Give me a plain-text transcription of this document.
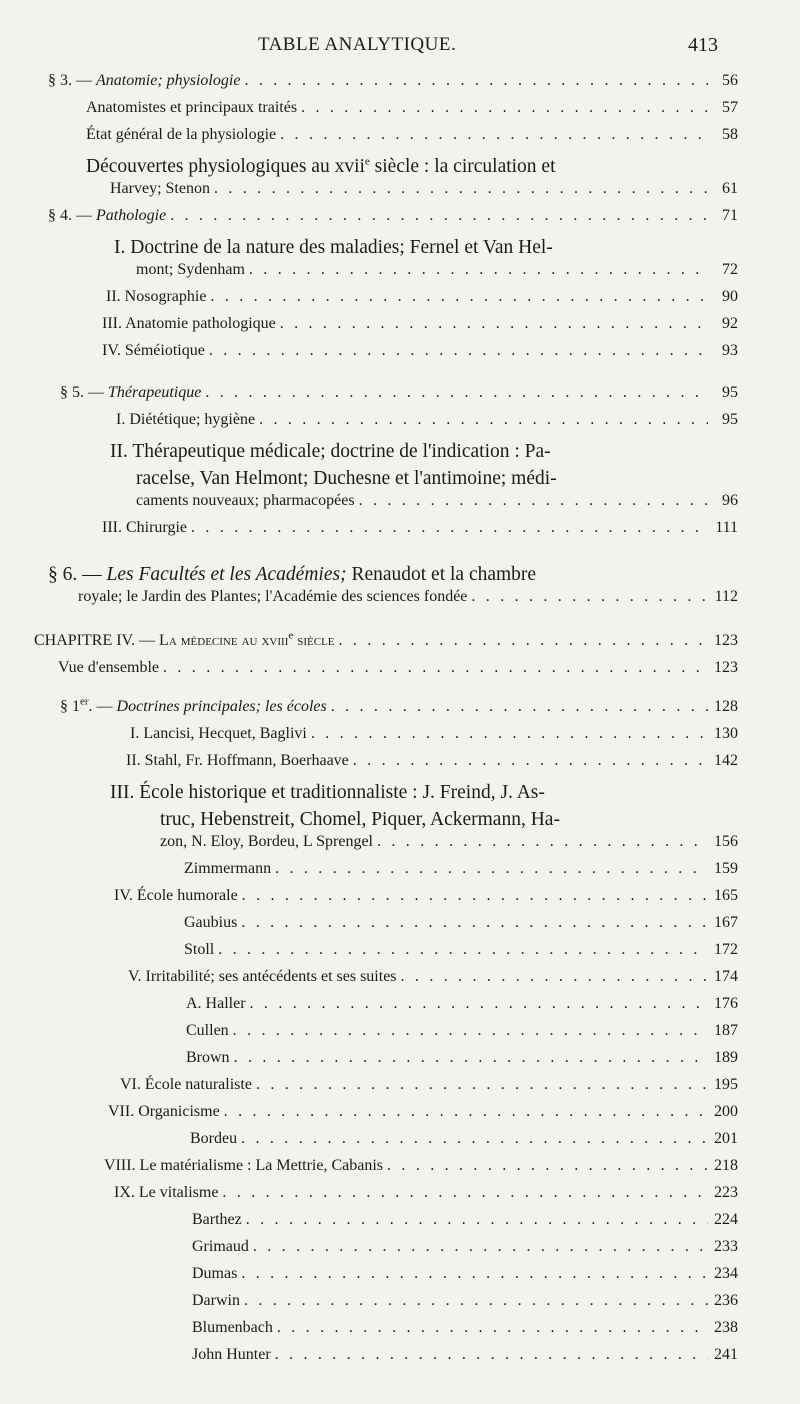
TABLE ANALYTIQUE.	413
§ 3. — Anatomie; physiologie . . .	56
Anatomistes et principaux traités . . .	57
État général de la physiologie . . .	58
Découvertes physiologiques au xvii$^e$ siècle : la circulation et
Harvey; Stenon . . .	61
§ 4. — Pathologie . . .	71
I. Doctrine de la nature des maladies; Fernel et Van Hel-
mont; Sydenham . . .	72
II. Nosographie . . .	90
III. Anatomie pathologique . . .	92
IV. Séméiotique . . .	93
§ 5. — Thérapeutique . . .	95
I. Diététique; hygiène . . .	95
II. Thérapeutique médicale; doctrine de l'indication : Pa-
racelse, Van Helmont; Duchesne et l'antimoine; médi-
caments nouveaux; pharmacopées . . .	96
III. Chirurgie . . .	111
§ 6. — Les Facultés et les Académies; Renaudot et la chambre
royale; le Jardin des Plantes; l'Académie des sciences fondée . . .	112
CHAPITRE IV. — La médecine au xviii$^e$ siècle . . .	123
Vue d'ensemble . . .	123
§ 1er. — Doctrines principales; les écoles . . .	128
I. Lancisi, Hecquet, Baglivi . . .	130
II. Stahl, Fr. Hoffmann, Boerhaave . . .	142
III. École historique et traditionnaliste : J. Freind, J. As-
truc, Hebenstreit, Chomel, Piquer, Ackermann, Ha-
zon, N. Eloy, Bordeu, L Sprengel . . .	156
Zimmermann . . .	159
IV. École humorale . . .	165
Gaubius . . .	167
Stoll . . .	172
V. Irritabilité; ses antécédents et ses suites . . .	174
A. Haller . . .	176
Cullen . . .	187
Brown . . .	189
VI. École naturaliste . . .	195
VII. Organicisme . . .	200
Bordeu . . .	201
VIII. Le matérialisme : La Mettrie, Cabanis . . .	218
IX. Le vitalisme . . .	223
Barthez . . .	224
Grimaud . . .	233
Dumas . . .	234
Darwin . . .	236
Blumenbach . . .	238
John Hunter . . .	241
